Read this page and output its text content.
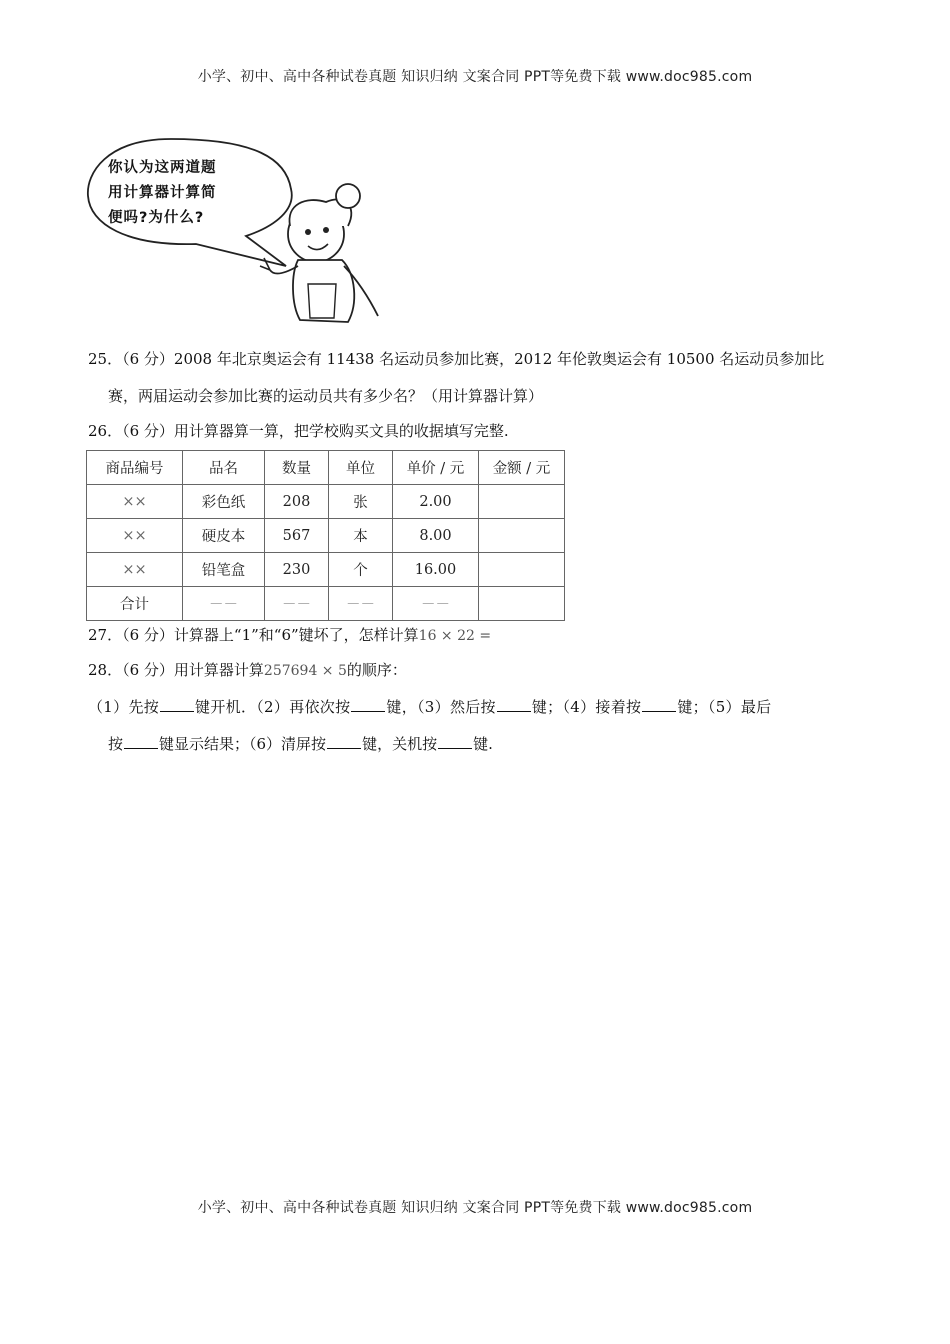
小学、初中、高中各种试卷真题 知识归纳 文案合同 PPT等免费下载 www.doc985.com
你认为这两道题
用计算器计算简
便吗?为什么?
25．（6 分）2008 年北京奥运会有 11438 名运动员参加比赛，2012 年伦敦奥运会有 10500 名运动员参加比
赛，两届运动会参加比赛的运动员共有多少名？（用计算器计算）
26．（6 分）用计算器算一算，把学校购买文具的收据填写完整.
商品编号	品名	数量	单位	单价 / 元	金额 / 元
××	彩色纸	208	张	2.00	
××	硬皮本	567	本	8.00	
××	铅笔盒	230	个	16.00	
合计	－－	－－	－－	－－	
27．（6 分）计算器上“1”和“6”键坏了，怎样计算16 × 22 =
28．（6 分）用计算器计算257694 × 5的顺序：
（1）先按 键开机．（2）再依次按 键，（3）然后按 键；（4）接着按 键；（5）最后
按 键显示结果；（6）清屏按 键，关机按 键.
小学、初中、高中各种试卷真题 知识归纳 文案合同 PPT等免费下载 www.doc985.com
